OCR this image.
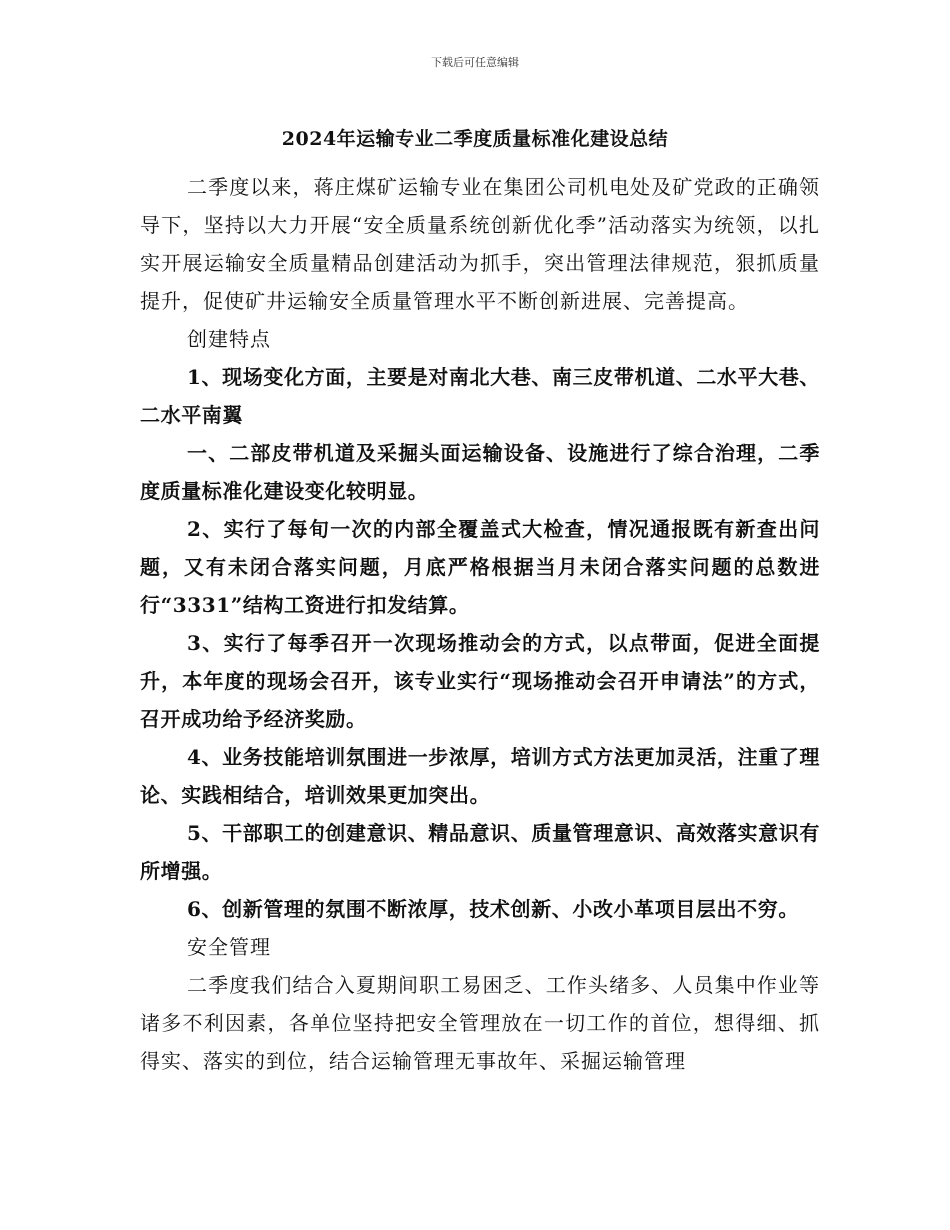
下载后可任意编辑
2024年运输专业二季度质量标准化建设总结

二季度以来，蒋庄煤矿运输专业在集团公司机电处及矿党政的正确领导下，坚持以大力开展“安全质量系统创新优化季”活动落实为统领，以扎实开展运输安全质量精品创建活动为抓手，突出管理法律规范，狠抓质量提升，促使矿井运输安全质量管理水平不断创新进展、完善提高。

创建特点

1、现场变化方面，主要是对南北大巷、南三皮带机道、二水平大巷、二水平南翼

一、二部皮带机道及采掘头面运输设备、设施进行了综合治理，二季度质量标准化建设变化较明显。

2、实行了每旬一次的内部全覆盖式大检查，情况通报既有新查出问题，又有未闭合落实问题，月底严格根据当月未闭合落实问题的总数进行“3331”结构工资进行扣发结算。

3、实行了每季召开一次现场推动会的方式，以点带面，促进全面提升，本年度的现场会召开，该专业实行“现场推动会召开申请法”的方式，召开成功给予经济奖励。

4、业务技能培训氛围进一步浓厚，培训方式方法更加灵活，注重了理论、实践相结合，培训效果更加突出。

5、干部职工的创建意识、精品意识、质量管理意识、高效落实意识有所增强。

6、创新管理的氛围不断浓厚，技术创新、小改小革项目层出不穷。

安全管理

二季度我们结合入夏期间职工易困乏、工作头绪多、人员集中作业等诸多不利因素，各单位坚持把安全管理放在一切工作的首位，想得细、抓得实、落实的到位，结合运输管理无事故年、采掘运输管理
